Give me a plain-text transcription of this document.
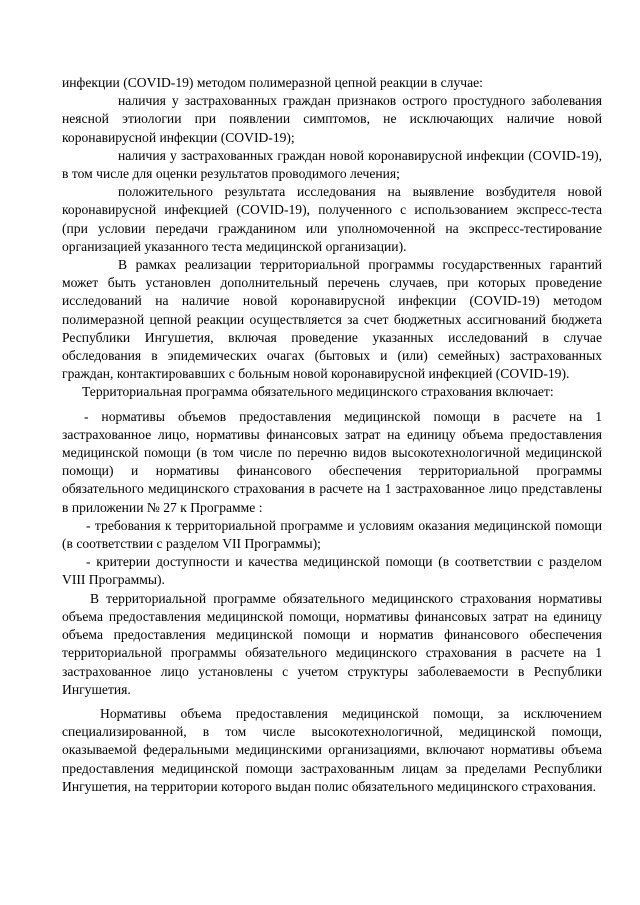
инфекции (COVID-19) методом полимеразной цепной реакции в случае:

наличия у застрахованных граждан признаков острого простудного заболевания неясной этиологии при появлении симптомов, не исключающих наличие новой коронавирусной инфекции (COVID-19);

наличия у застрахованных граждан новой коронавирусной инфекции (COVID-19), в том числе для оценки результатов проводимого лечения;

положительного результата исследования на выявление возбудителя новой коронавирусной инфекцией (COVID-19), полученного с использованием экспресс-теста (при условии передачи гражданином или уполномоченной на экспресс-тестирование организацией указанного теста медицинской организации).

В рамках реализации территориальной программы государственных гарантий может быть установлен дополнительный перечень случаев, при которых проведение исследований на наличие новой коронавирусной инфекции (COVID-19) методом полимеразной цепной реакции осуществляется за счет бюджетных ассигнований бюджета Республики Ингушетия, включая проведение указанных исследований в случае обследования в эпидемических очагах (бытовых и (или) семейных) застрахованных граждан, контактировавших с больным новой коронавирусной инфекцией (COVID-19).

Территориальная программа обязательного медицинского страхования включает:

- нормативы объемов предоставления медицинской помощи в расчете на 1 застрахованное лицо, нормативы финансовых затрат на единицу объема предоставления медицинской помощи (в том числе по перечню видов высокотехнологичной медицинской помощи) и нормативы финансового обеспечения территориальной программы обязательного медицинского страхования в расчете на 1 застрахованное лицо представлены в приложении № 27 к Программе :

- требования к территориальной программе и условиям оказания медицинской помощи (в соответствии с разделом VII Программы);

- критерии доступности и качества медицинской помощи (в соответствии с разделом VIII Программы).

В территориальной программе обязательного медицинского страхования нормативы объема предоставления медицинской помощи, нормативы финансовых затрат на единицу объема предоставления медицинской помощи и норматив финансового обеспечения территориальной программы обязательного медицинского страхования в расчете на 1 застрахованное лицо установлены с учетом структуры заболеваемости в Республики Ингушетия.

Нормативы объема предоставления медицинской помощи, за исключением специализированной, в том числе высокотехнологичной, медицинской помощи, оказываемой федеральными медицинскими организациями, включают нормативы объема предоставления медицинской помощи застрахованным лицам за пределами Республики Ингушетия, на территории которого выдан полис обязательного медицинского страхования.
